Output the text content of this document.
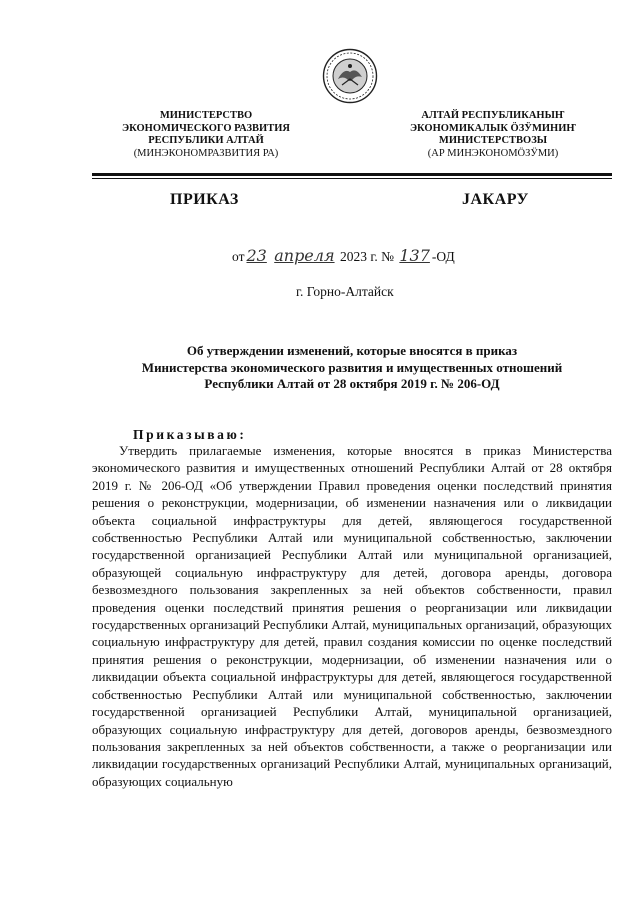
МИНИСТЕРСТВО
ЭКОНОМИЧЕСКОГО РАЗВИТИЯ
РЕСПУБЛИКИ АЛТАЙ
(МИНЭКОНОМРАЗВИТИЯ РА)
АЛТАЙ РЕСПУБЛИКАНЫҤ
ЭКОНОМИКАЛЫК ÖЗӰМИНИҤ
МИНИСТЕРСТВОЗЫ
(АР МИНЭКОНОМÖЗӰМИ)
ПРИКАЗ	JАКАРУ
от 23 апреля 2023 г. № 137 -ОД
г. Горно-Алтайск
Об утверждении изменений, которые вносятся в приказ
Министерства экономического развития и имущественных отношений
Республики Алтай от 28 октября 2019 г. № 206-ОД
Приказываю:

Утвердить прилагаемые изменения, которые вносятся в приказ Министерства экономического развития и имущественных отношений Республики Алтай от 28 октября 2019 г. № 206-ОД «Об утверждении Правил проведения оценки последствий принятия решения о реконструкции, модернизации, об изменении назначения или о ликвидации объекта социальной инфраструктуры для детей, являющегося государственной собственностью Республики Алтай или муниципальной собственностью, заключении государственной организацией Республики Алтай или муниципальной организацией, образующей социальную инфраструктуру для детей, договора аренды, договора безвозмездного пользования закрепленных за ней объектов собственности, правил проведения оценки последствий принятия решения о реорганизации или ликвидации государственных организаций Республики Алтай, муниципальных организаций, образующих социальную инфраструктуру для детей, правил создания комиссии по оценке последствий принятия решения о реконструкции, модернизации, об изменении назначения или о ликвидации объекта социальной инфраструктуры для детей, являющегося государственной собственностью Республики Алтай или муниципальной собственностью, заключении государственной организацией Республики Алтай, муниципальной организацией, образующих социальную инфраструктуру для детей, договоров аренды, безвозмездного пользования закрепленных за ней объектов собственности, а также о реорганизации или ликвидации государственных организаций Республики Алтай, муниципальных организаций, образующих социальную
